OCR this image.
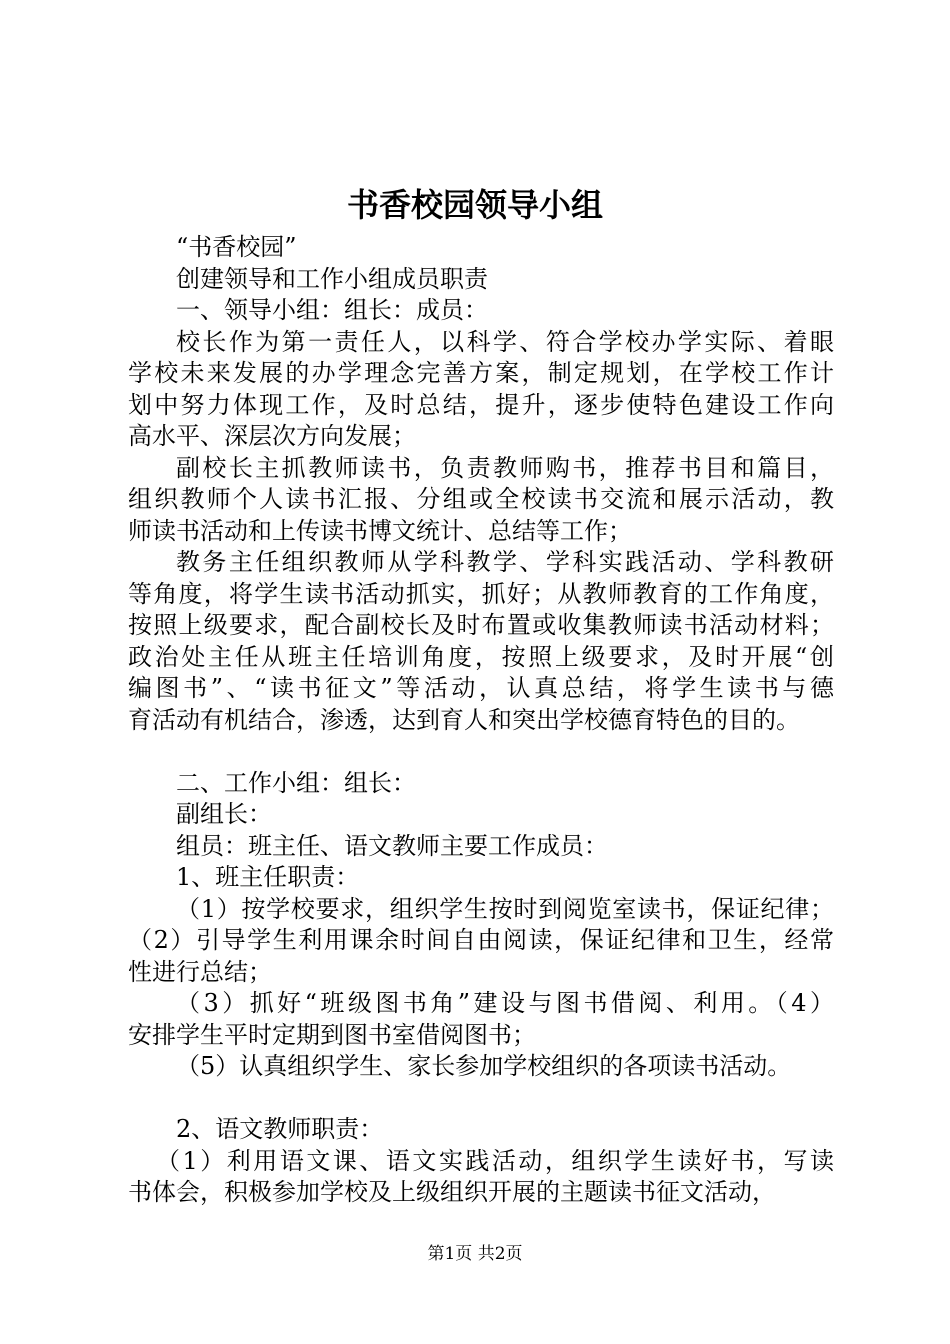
书香校园领导小组
“书香校园”
创建领导和工作小组成员职责
一、领导小组：组长：成员：
校长作为第一责任人，以科学、符合学校办学实际、着眼
学校未来发展的办学理念完善方案，制定规划，在学校工作计
划中努力体现工作，及时总结，提升，逐步使特色建设工作向
高水平、深层次方向发展；
副校长主抓教师读书，负责教师购书，推荐书目和篇目，
组织教师个人读书汇报、分组或全校读书交流和展示活动，教
师读书活动和上传读书博文统计、总结等工作；
教务主任组织教师从学科教学、学科实践活动、学科教研
等角度，将学生读书活动抓实，抓好；从教师教育的工作角度，
按照上级要求，配合副校长及时布置或收集教师读书活动材料；
政治处主任从班主任培训角度，按照上级要求，及时开展“创
编图书”、“读书征文”等活动，认真总结，将学生读书与德
育活动有机结合，渗透，达到育人和突出学校德育特色的目的。
二、工作小组：组长：
副组长：
组员：班主任、语文教师主要工作成员：
1、班主任职责：
（1）按学校要求，组织学生按时到阅览室读书，保证纪律；
（2）引导学生利用课余时间自由阅读，保证纪律和卫生，经常
性进行总结；
（3）抓好“班级图书角”建设与图书借阅、利用。（4）
安排学生平时定期到图书室借阅图书；
（5）认真组织学生、家长参加学校组织的各项读书活动。
2、语文教师职责：
（1）利用语文课、语文实践活动，组织学生读好书，写读
书体会，积极参加学校及上级组织开展的主题读书征文活动，
第1页 共2页
